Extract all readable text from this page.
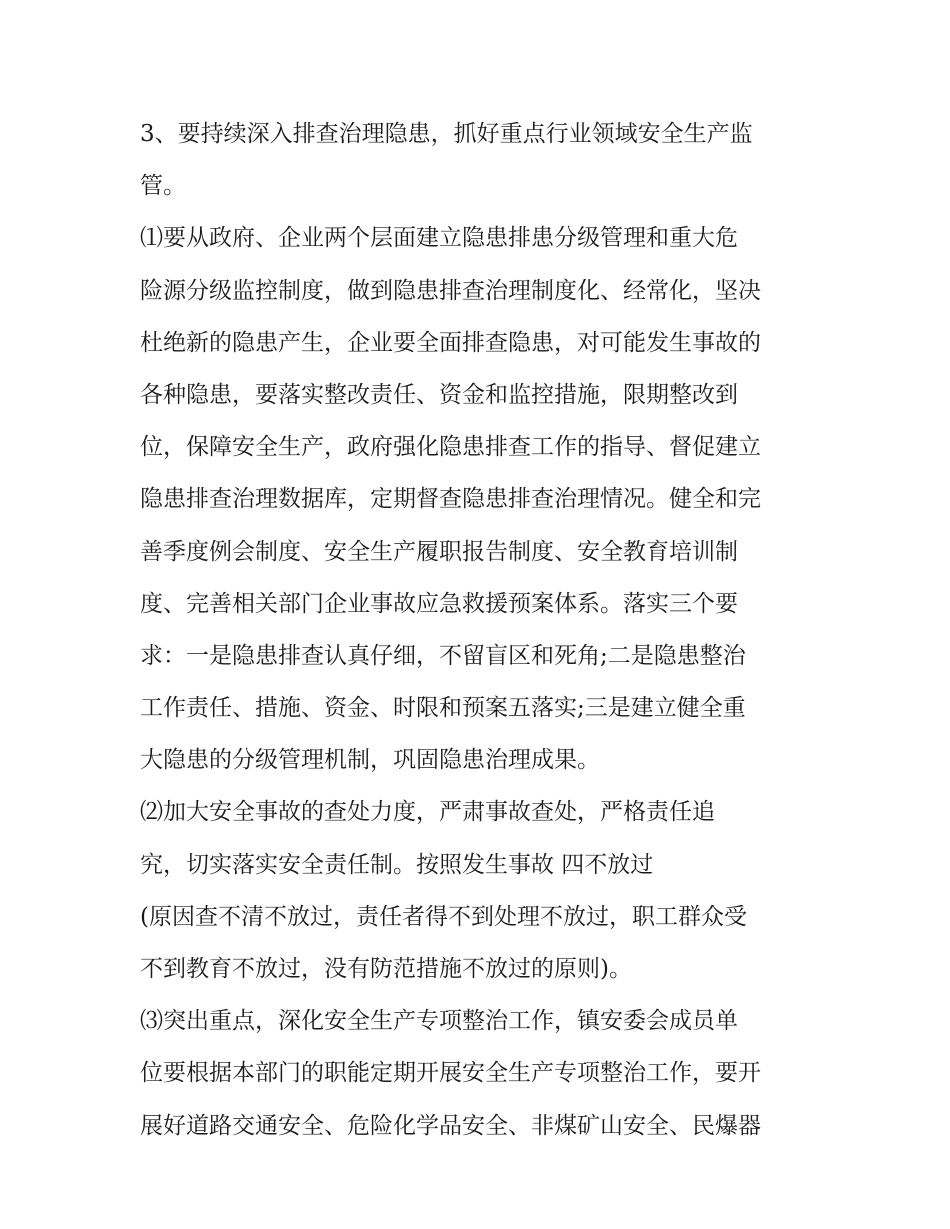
3、要持续深入排查治理隐患，抓好重点行业领域安全生产监
管。
⑴要从政府、企业两个层面建立隐患排患分级管理和重大危
险源分级监控制度，做到隐患排查治理制度化、经常化，坚决
杜绝新的隐患产生，企业要全面排查隐患，对可能发生事故的
各种隐患，要落实整改责任、资金和监控措施，限期整改到
位，保障安全生产，政府强化隐患排查工作的指导、督促建立
隐患排查治理数据库，定期督查隐患排查治理情况。健全和完
善季度例会制度、安全生产履职报告制度、安全教育培训制
度、完善相关部门企业事故应急救援预案体系。落实三个要
求：一是隐患排查认真仔细，不留盲区和死角;二是隐患整治
工作责任、措施、资金、时限和预案五落实;三是建立健全重
大隐患的分级管理机制，巩固隐患治理成果。
⑵加大安全事故的查处力度，严肃事故查处，严格责任追
究，切实落实安全责任制。按照发生事故 四不放过
(原因查不清不放过，责任者得不到处理不放过，职工群众受
不到教育不放过，没有防范措施不放过的原则)。
⑶突出重点，深化安全生产专项整治工作，镇安委会成员单
位要根据本部门的职能定期开展安全生产专项整治工作，要开
展好道路交通安全、危险化学品安全、非煤矿山安全、民爆器
